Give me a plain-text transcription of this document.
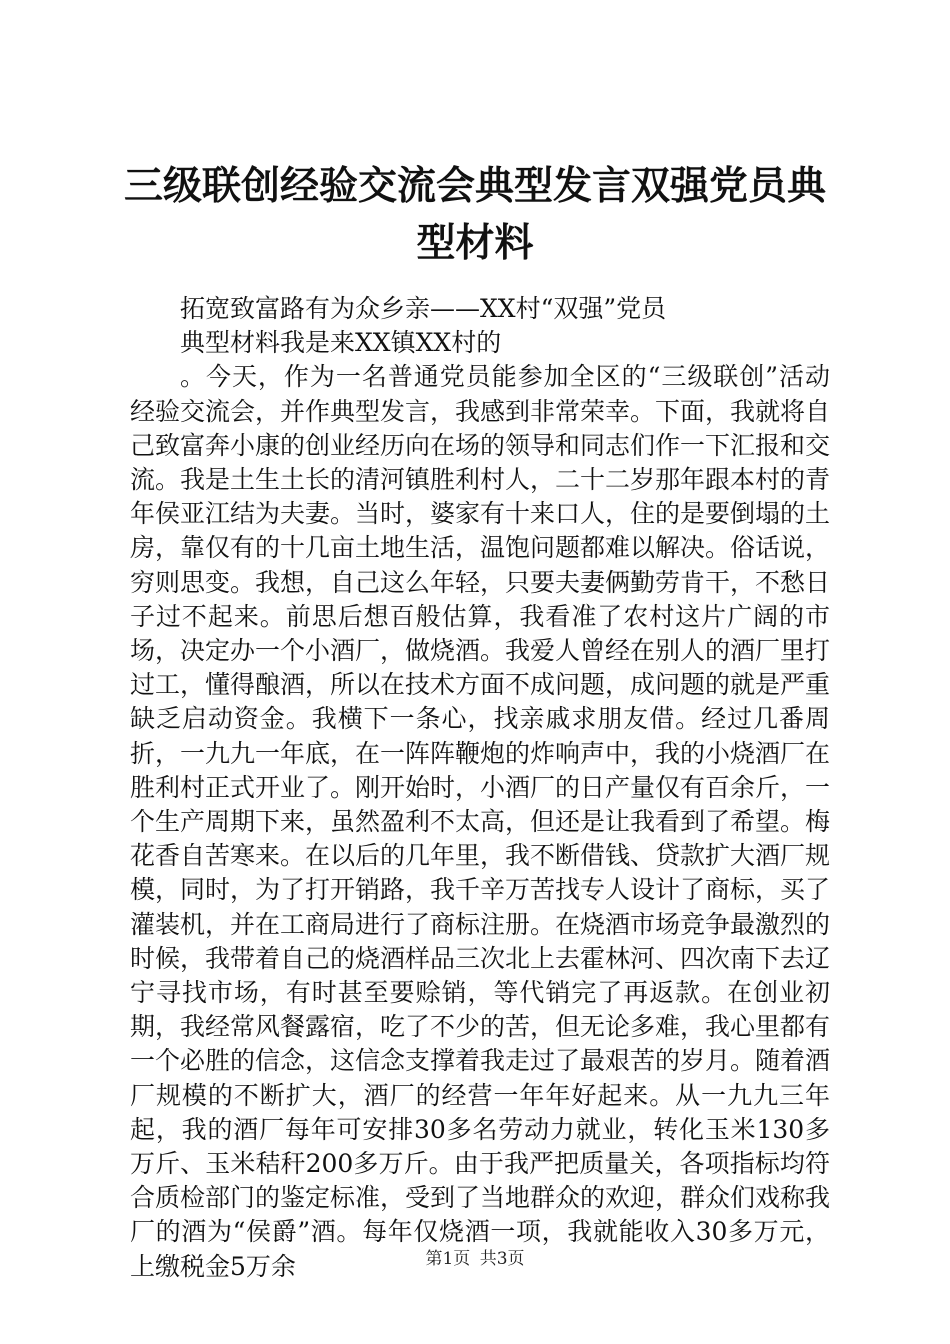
三级联创经验交流会典型发言双强党员典型材料

拓宽致富路有为众乡亲——XX村“双强”党员

典型材料我是来XX镇XX村的

。今天，作为一名普通党员能参加全区的“三级联创”活动经验交流会，并作典型发言，我感到非常荣幸。下面，我就将自己致富奔小康的创业经历向在场的领导和同志们作一下汇报和交流。我是土生土长的清河镇胜利村人，二十二岁那年跟本村的青年侯亚江结为夫妻。当时，婆家有十来口人，住的是要倒塌的土房，靠仅有的十几亩土地生活，温饱问题都难以解决。俗话说，穷则思变。我想，自己这么年轻，只要夫妻俩勤劳肯干，不愁日子过不起来。前思后想百般估算，我看准了农村这片广阔的市场，决定办一个小酒厂，做烧酒。我爱人曾经在别人的酒厂里打过工，懂得酿酒，所以在技术方面不成问题，成问题的就是严重缺乏启动资金。我横下一条心，找亲戚求朋友借。经过几番周折，一九九一年底，在一阵阵鞭炮的炸响声中，我的小烧酒厂在胜利村正式开业了。刚开始时，小酒厂的日产量仅有百余斤，一个生产周期下来，虽然盈利不太高，但还是让我看到了希望。梅花香自苦寒来。在以后的几年里，我不断借钱、贷款扩大酒厂规模，同时，为了打开销路，我千辛万苦找专人设计了商标，买了灌装机，并在工商局进行了商标注册。在烧酒市场竞争最激烈的时候，我带着自己的烧酒样品三次北上去霍林河、四次南下去辽宁寻找市场，有时甚至要赊销，等代销完了再返款。在创业初期，我经常风餐露宿，吃了不少的苦，但无论多难，我心里都有一个必胜的信念，这信念支撑着我走过了最艰苦的岁月。随着酒厂规模的不断扩大，酒厂的经营一年年好起来。从一九九三年起，我的酒厂每年可安排30多名劳动力就业，转化玉米130多万斤、玉米秸秆200多万斤。由于我严把质量关，各项指标均符合质检部门的鉴定标准，受到了当地群众的欢迎，群众们戏称我厂的酒为“侯爵”酒。每年仅烧酒一项，我就能收入30多万元，上缴税金5万余	第1页 共3页
